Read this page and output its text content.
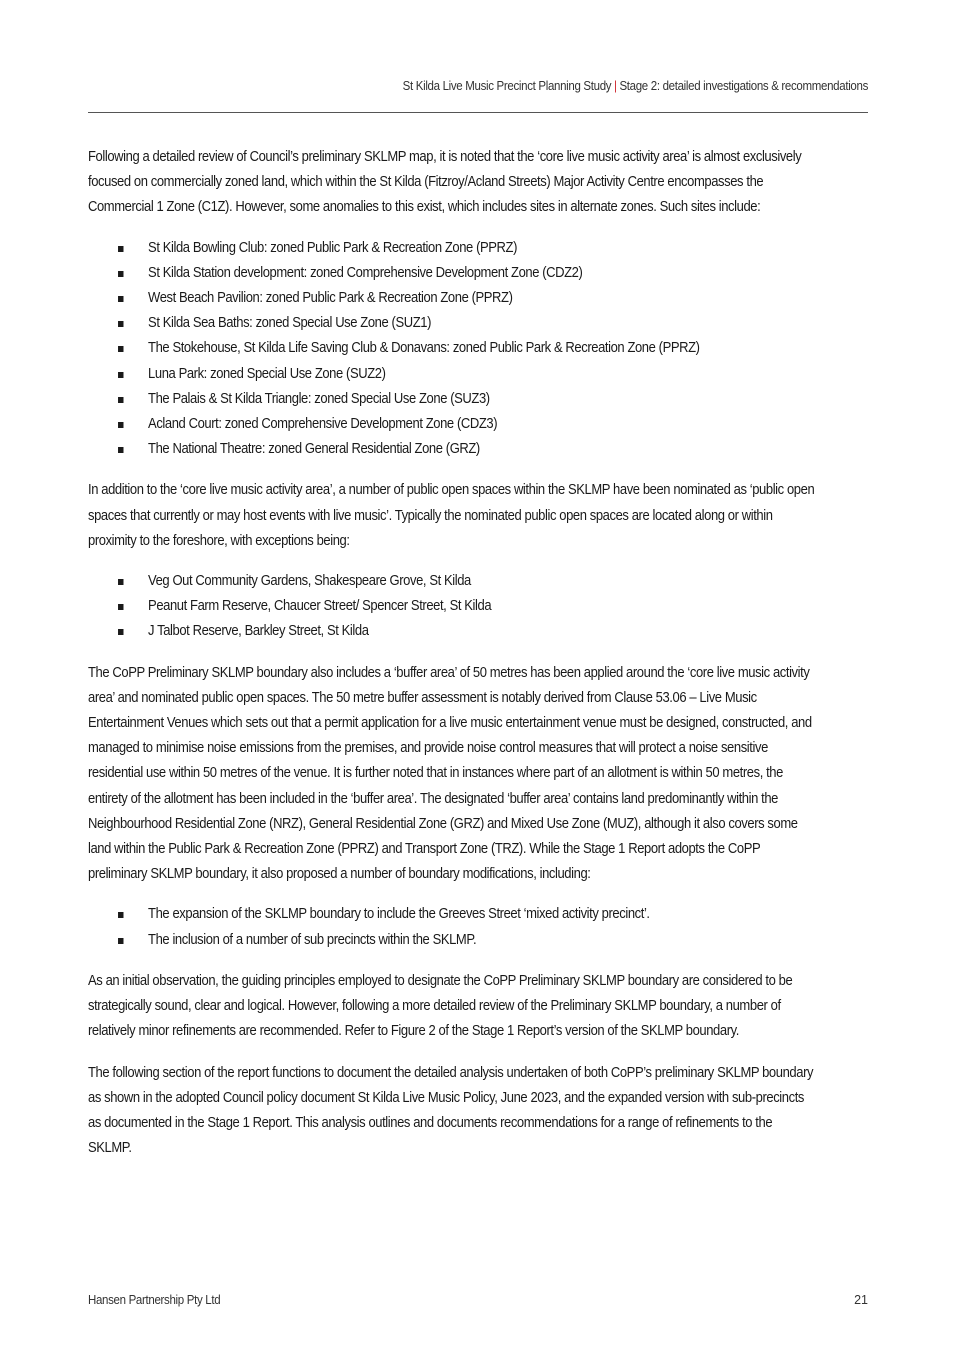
St Kilda Live Music Precinct Planning Study | Stage 2: detailed investigations & recommendations

Following a detailed review of Council’s preliminary SKLMP map, it is noted that the ‘core live music activity area’ is almost exclusively focused on commercially zoned land, which within the St Kilda (Fitzroy/Acland Streets) Major Activity Centre encompasses the Commercial 1 Zone (C1Z). However, some anomalies to this exist, which includes sites in alternate zones. Such sites include:

St Kilda Bowling Club: zoned Public Park & Recreation Zone (PPRZ)
St Kilda Station development: zoned Comprehensive Development Zone (CDZ2)
West Beach Pavilion: zoned Public Park & Recreation Zone (PPRZ)
St Kilda Sea Baths: zoned Special Use Zone (SUZ1)
The Stokehouse, St Kilda Life Saving Club & Donavans: zoned Public Park & Recreation Zone (PPRZ)
Luna Park: zoned Special Use Zone (SUZ2)
The Palais & St Kilda Triangle: zoned Special Use Zone (SUZ3)
Acland Court: zoned Comprehensive Development Zone (CDZ3)
The National Theatre: zoned General Residential Zone (GRZ)

In addition to the ‘core live music activity area’, a number of public open spaces within the SKLMP have been nominated as ‘public open spaces that currently or may host events with live music’. Typically the nominated public open spaces are located along or within proximity to the foreshore, with exceptions being:

Veg Out Community Gardens, Shakespeare Grove, St Kilda
Peanut Farm Reserve, Chaucer Street/ Spencer Street, St Kilda
J Talbot Reserve, Barkley Street, St Kilda

The CoPP Preliminary SKLMP boundary also includes a ‘buffer area’ of 50 metres has been applied around the ‘core live music activity area’ and nominated public open spaces. The 50 metre buffer assessment is notably derived from Clause 53.06 – Live Music Entertainment Venues which sets out that a permit application for a live music entertainment venue must be designed, constructed, and managed to minimise noise emissions from the premises, and provide noise control measures that will protect a noise sensitive residential use within 50 metres of the venue. It is further noted that in instances where part of an allotment is within 50 metres, the entirety of the allotment has been included in the ‘buffer area’. The designated ‘buffer area’ contains land predominantly within the Neighbourhood Residential Zone (NRZ), General Residential Zone (GRZ) and Mixed Use Zone (MUZ), although it also covers some land within the Public Park & Recreation Zone (PPRZ) and Transport Zone (TRZ). While the Stage 1 Report adopts the CoPP preliminary SKLMP boundary, it also proposed a number of boundary modifications, including:

The expansion of the SKLMP boundary to include the Greeves Street ‘mixed activity precinct’.
The inclusion of a number of sub precincts within the SKLMP.

As an initial observation, the guiding principles employed to designate the CoPP Preliminary SKLMP boundary are considered to be strategically sound, clear and logical. However, following a more detailed review of the Preliminary SKLMP boundary, a number of relatively minor refinements are recommended. Refer to Figure 2 of the Stage 1 Report’s version of the SKLMP boundary.

The following section of the report functions to document the detailed analysis undertaken of both CoPP’s preliminary SKLMP boundary as shown in the adopted Council policy document St Kilda Live Music Policy, June 2023, and the expanded version with sub-precincts as documented in the Stage 1 Report. This analysis outlines and documents recommendations for a range of refinements to the SKLMP.

Hansen Partnership Pty Ltd	21
